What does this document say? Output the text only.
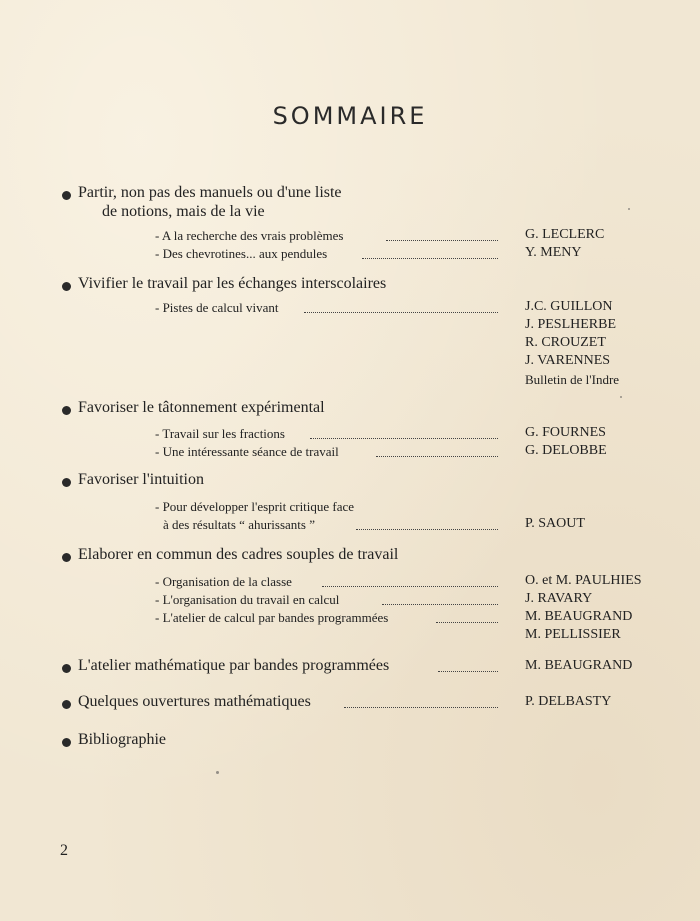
SOMMAIRE
Partir, non pas des manuels ou d'une liste
de notions, mais de la vie
- A la recherche des vrais problèmes	G. LECLERC
- Des chevrotines... aux pendules	Y. MENY
Vivifier le travail par les échanges interscolaires
- Pistes de calcul vivant	J.C. GUILLON
J. PESLHERBE
R. CROUZET
J. VARENNES
Bulletin de l'Indre
Favoriser le tâtonnement expérimental
- Travail sur les fractions	G. FOURNES
- Une intéressante séance de travail	G. DELOBBE
Favoriser l'intuition
- Pour développer l'esprit critique face
à des résultats “ ahurissants ”	P. SAOUT
Elaborer en commun des cadres souples de travail
- Organisation de la classe	O. et M. PAULHIES
- L'organisation du travail en calcul	J. RAVARY
- L'atelier de calcul par bandes programmées	M. BEAUGRAND
M. PELLISSIER
L'atelier mathématique par bandes programmées	M. BEAUGRAND
Quelques ouvertures mathématiques	P. DELBASTY
Bibliographie
2
